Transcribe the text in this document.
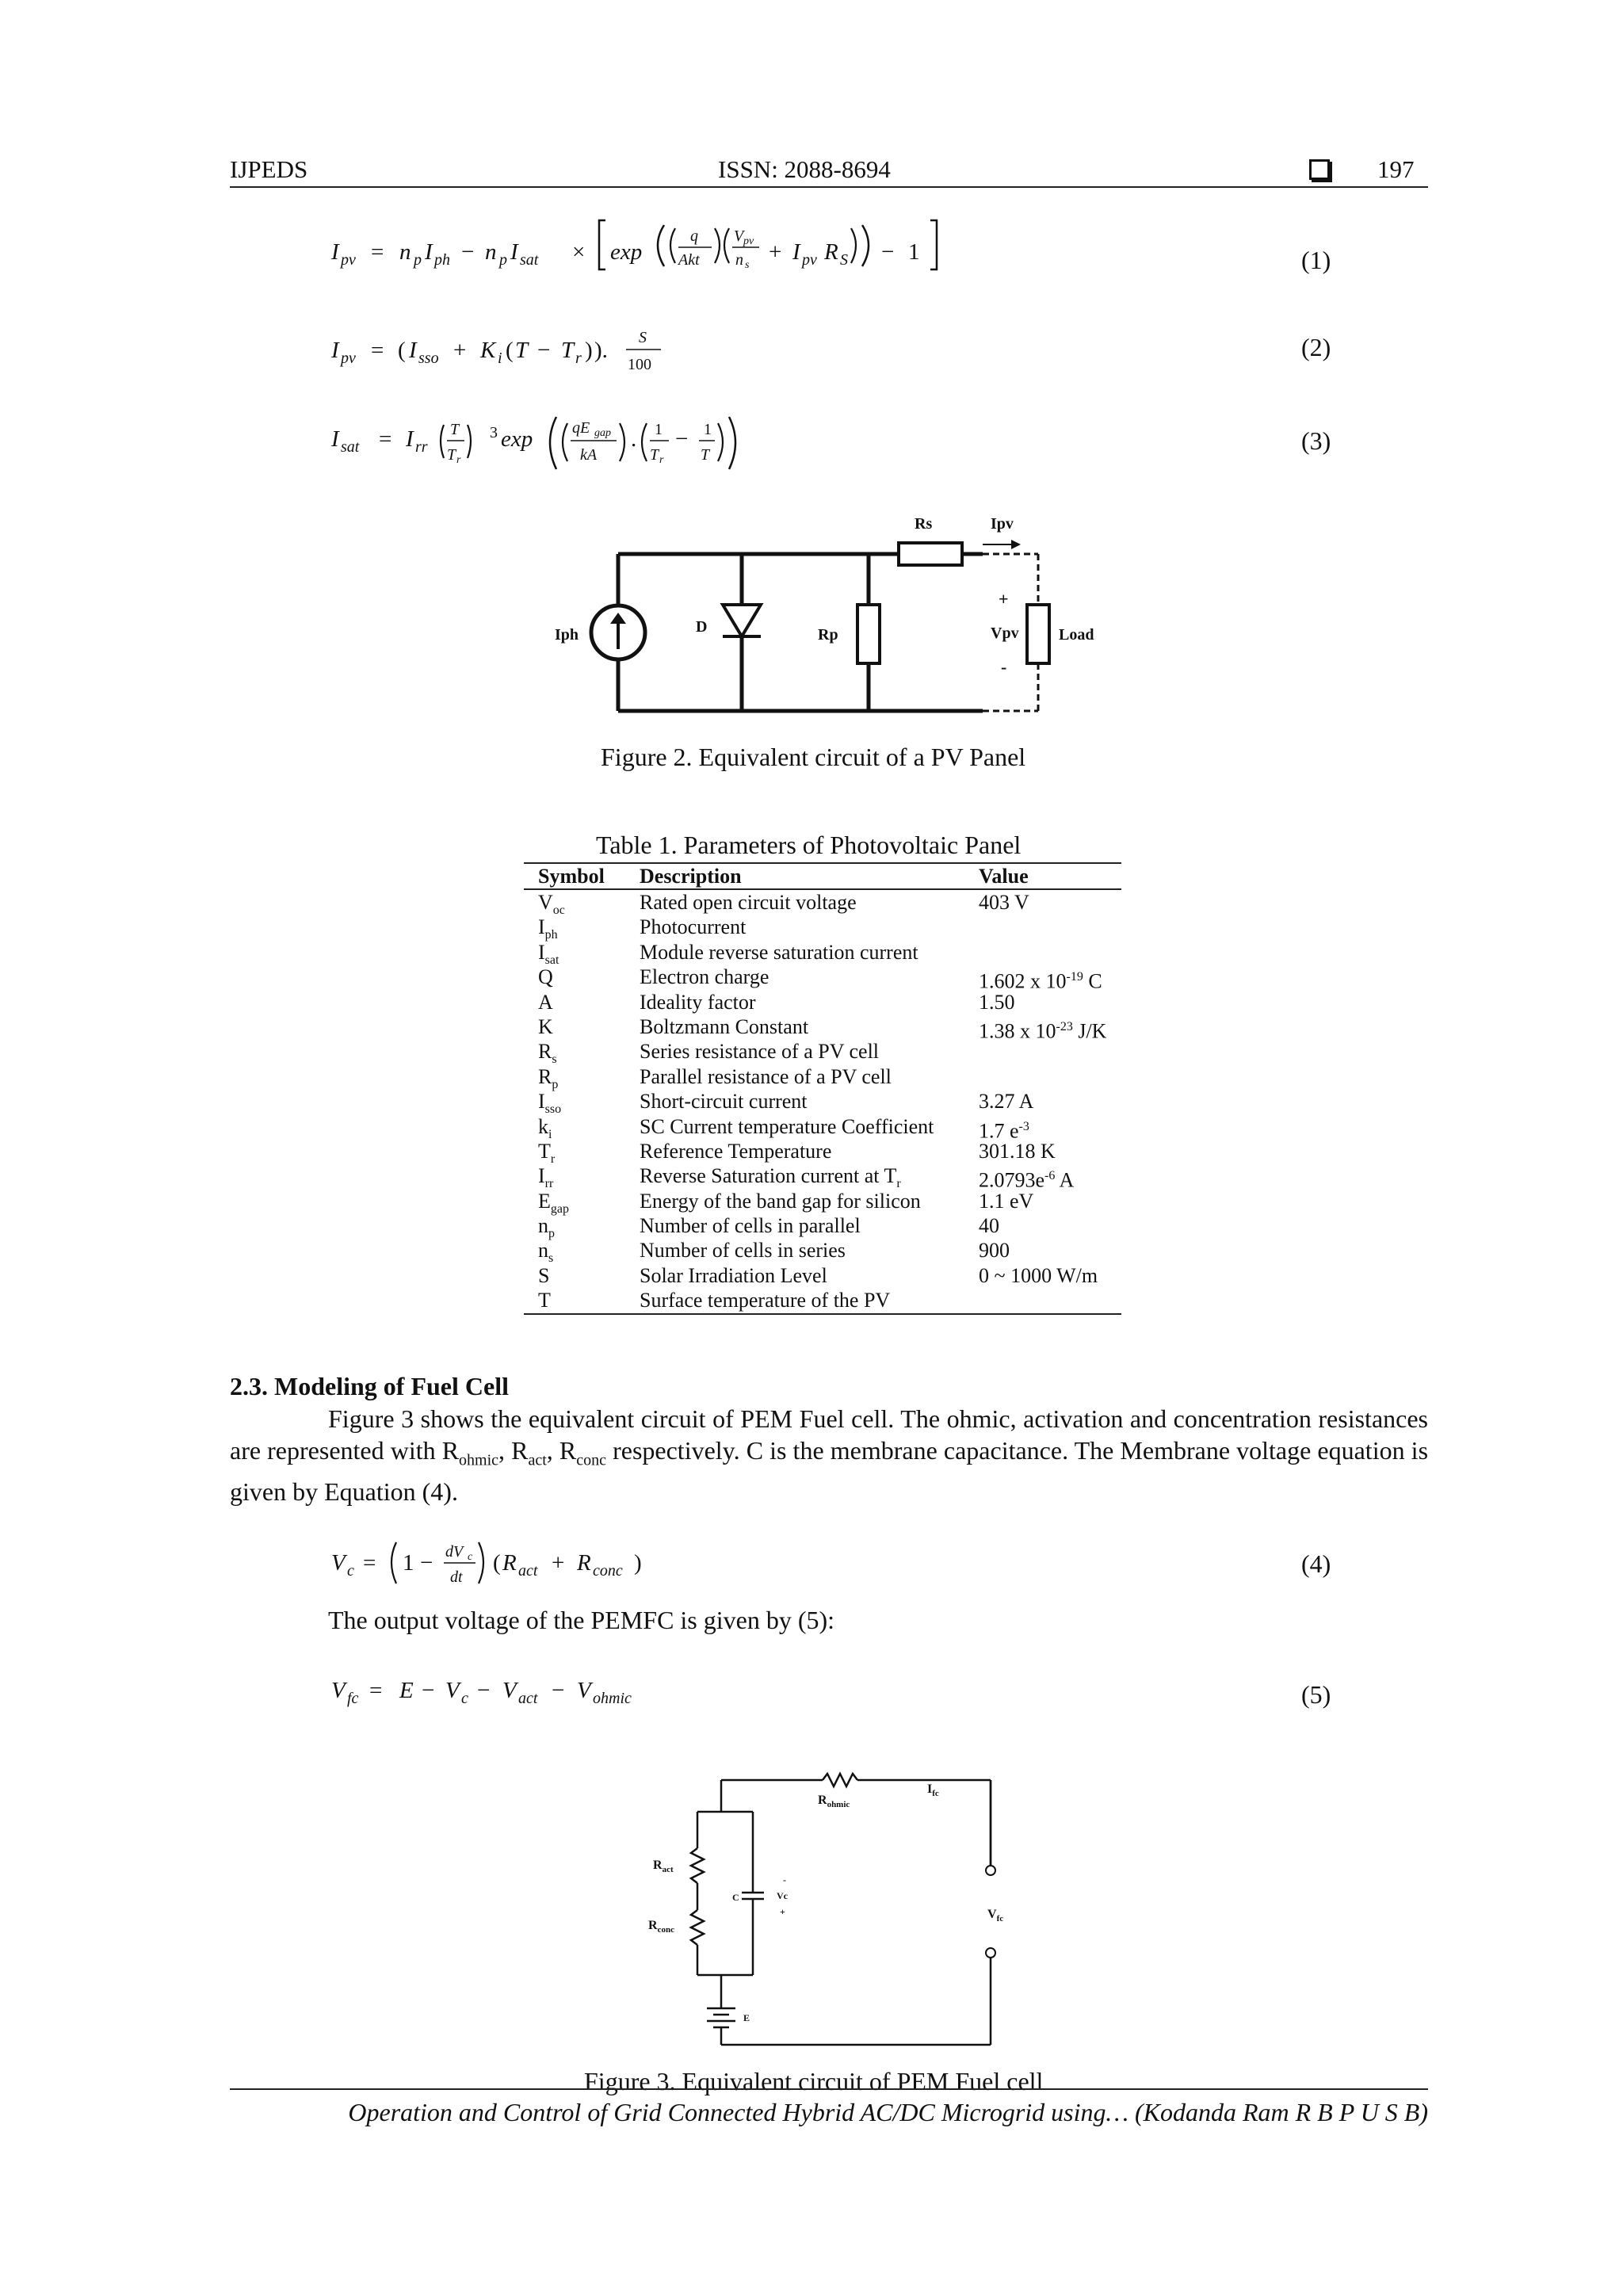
IJPEDS	ISSN: 2088-8694	197
I pv = n p I ph − n p I sat × exp
q
Akt
V pv
n s
+ I pv R S − 1	(1)
I pv = ( I sso + K i ( T − T r ) ). S
100
(2)
I sat = I rr
T
T r
3 exp qE gap
kA
. 1
T r
− 1
T	(3)
Iph	D	Rp
Rs	Ipv
+
Vpv
-
Load
Figure 2. Equivalent circuit of a PV Panel
Table 1. Parameters of Photovoltaic Panel
Symbol	Description	Value
$V_{oc}$	Rated open circuit voltage	403 V
$I_{ph}$	Photocurrent
$I_{sat}$	Module reverse saturation current
Q	Electron charge	1.602 x $10^{-19}$ C
A	Ideality factor	1.50
K	Boltzmann Constant	1.38 x $10^{-23}$ J/K
$R_s$	Series resistance of a PV cell
$R_p$	Parallel resistance of a PV cell
$I_{sso}$	Short-circuit current	3.27 A
$k_i$	SC Current temperature Coefficient	1.7 $e^{-3}$
$T_r$	Reference Temperature	301.18 K
$I_{rr}$	Reverse Saturation current at $T_r$	$2.0793e^{-6}$ A
$E_{gap}$	Energy of the band gap for silicon	1.1 eV
$n_p$	Number of cells in parallel	40
$n_s$	Number of cells in series	900
S	Solar Irradiation Level	0 ~ 1000 W/m
T	Surface temperature of the PV
2.3. Modeling of Fuel Cell

Figure 3 shows the equivalent circuit of PEM Fuel cell. The ohmic, activation and concentration resistances are represented with $R_{ohmic}$, $R_{act}$, $R_{conc}$ respectively. C is the membrane capacitance. The Membrane voltage equation is given by Equation (4).

V c = 1 − dV c
dt
( R act + R conc )	(4)
The output voltage of the PEMFC is given by (5):
V fc = E − V c − V act − V ohmic	(5)
$R_{ohmic}$
$I_{fc}$
$R_{act}$
$R_{conc}$
C
-
Vc
+	$V_{fc}$
E
Figure 3. Equivalent circuit of PEM Fuel cell
Operation and Control of Grid Connected Hybrid AC/DC Microgrid using… (Kodanda Ram R B P U S B)
